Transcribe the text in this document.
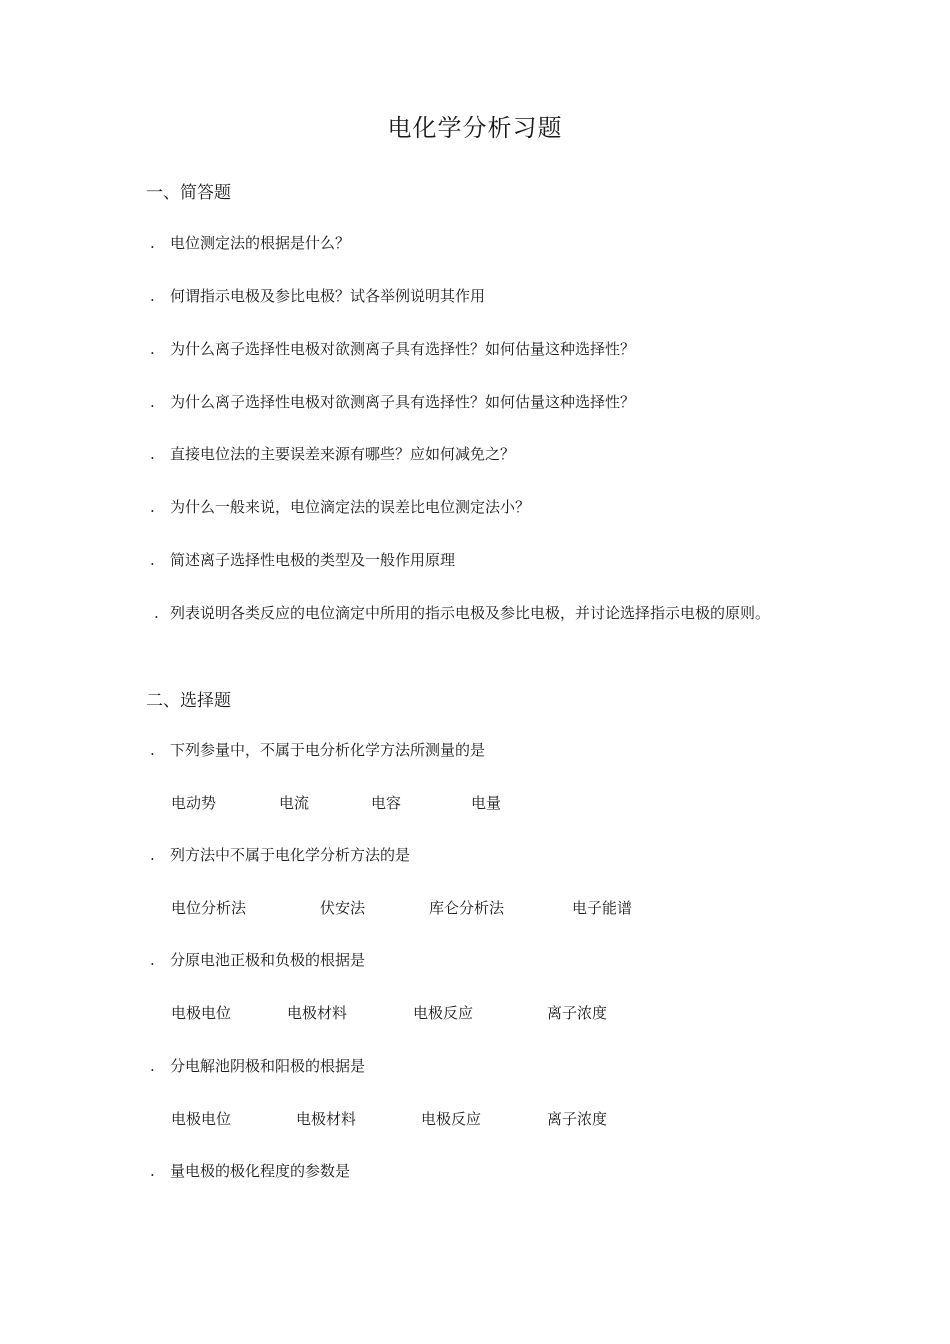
电化学分析习题
一、简答题
. 电位测定法的根据是什么？
. 何谓指示电极及参比电极？试各举例说明其作用
. 为什么离子选择性电极对欲测离子具有选择性？如何估量这种选择性？
. 为什么离子选择性电极对欲测离子具有选择性？如何估量这种选择性？
. 直接电位法的主要误差来源有哪些？应如何减免之？
. 为什么一般来说，电位滴定法的误差比电位测定法小？
. 简述离子选择性电极的类型及一般作用原理
. 列表说明各类反应的电位滴定中所用的指示电极及参比电极，并讨论选择指示电极的原则。
二、选择题
. 下列参量中，不属于电分析化学方法所测量的是
电动势	电流	电容	电量
. 列方法中不属于电化学分析方法的是
电位分析法	伏安法	库仑分析法	电子能谱
. 分原电池正极和负极的根据是
电极电位	电极材料	电极反应	离子浓度
. 分电解池阴极和阳极的根据是
电极电位	电极材料	电极反应	离子浓度
. 量电极的极化程度的参数是
